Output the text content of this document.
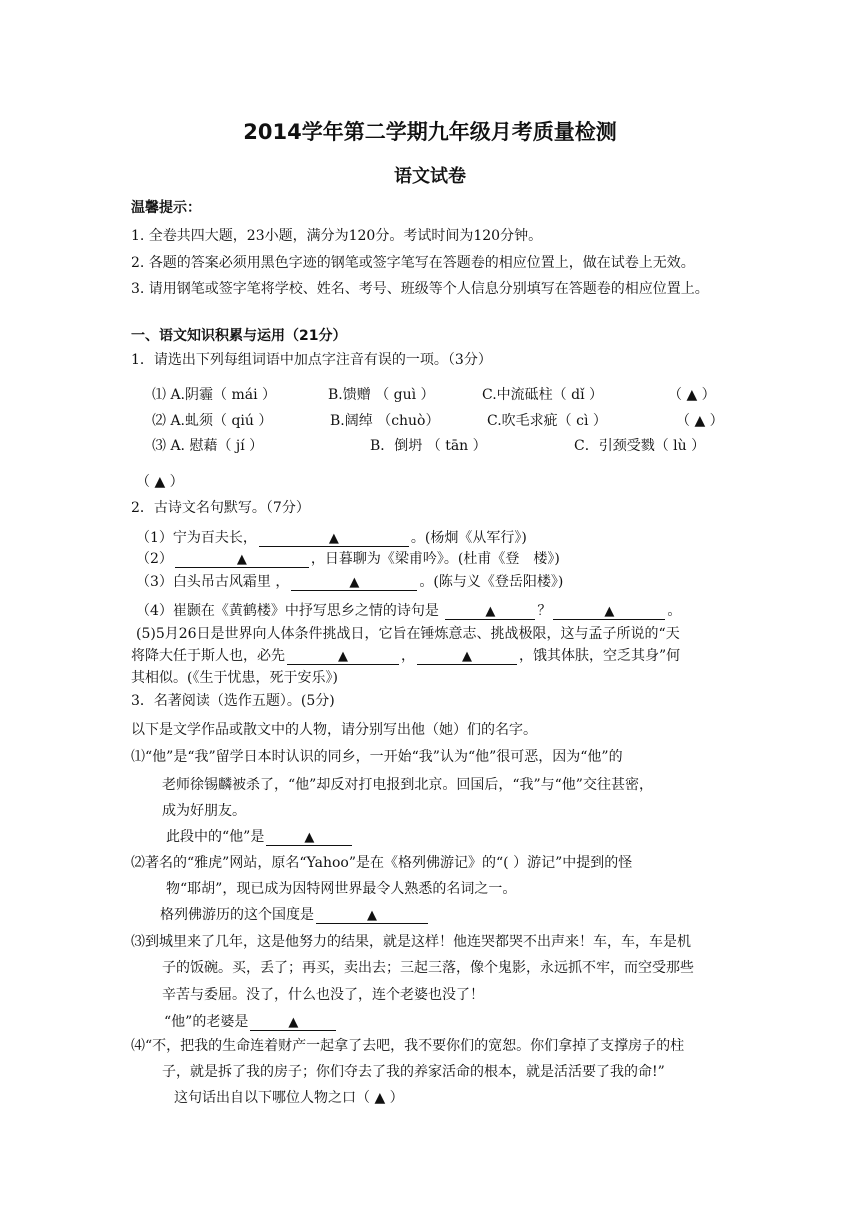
2014学年第二学期九年级月考质量检测
语文试卷
温馨提示：
1. 全卷共四大题，23小题，满分为120分。考试时间为120分钟。
2. 各题的答案必须用黑色字迹的钢笔或签字笔写在答题卷的相应位置上，做在试卷上无效。
3. 请用钢笔或签字笔将学校、姓名、考号、班级等个人信息分别填写在答题卷的相应位置上。
一、语文知识积累与运用（21分）
1．请选出下列每组词语中加点字注音有误的一项。（3分）
⑴ A.阴霾（ mái ）	B.馈赠 （ guì ）	C.中流砥柱（ dǐ ）	（ ▲ ）
⑵ A.虬须（ qiú ）	B.阔绰 （chuò）	C.吹毛求疵（ cì ）	（ ▲ ）
⑶ A. 慰藉（ jí ）	B．倒坍 （ tān ）	C．引颈受戮（ lù ）
（ ▲ ）
2．古诗文名句默写。（7分）
（1）宁为百夫长，	▲	。(杨炯《从军行》)
（2）	▲	，日暮聊为《梁甫吟》。(杜甫《登　楼》)
（3）白头吊古风霜里 ，	▲	。(陈与义《登岳阳楼》)
（4）崔颢在《黄鹤楼》中抒写思乡之情的诗句是	▲	？	▲	。
(5)5月26日是世界向人体条件挑战日，它旨在锤炼意志、挑战极限，这与孟子所说的“天
将降大任于斯人也，必先	▲	，	▲	，饿其体肤，空乏其身”何
其相似。(《生于忧患，死于安乐》)
3．名著阅读（选作五题）。(5分)
以下是文学作品或散文中的人物，请分别写出他（她）们的名字。
⑴“他”是“我”留学日本时认识的同乡，一开始“我”认为“他”很可恶，因为“他”的
老师徐锡麟被杀了，“他”却反对打电报到北京。回国后，“我”与“他”交往甚密，
成为好朋友。
此段中的“他”是	▲
⑵著名的“雅虎”网站，原名“Yahoo”是在《格列佛游记》的“( ）游记”中提到的怪
物“耶胡”，现已成为因特网世界最令人熟悉的名词之一。
格列佛游历的这个国度是	▲
⑶到城里来了几年，这是他努力的结果，就是这样！他连哭都哭不出声来！车，车，车是机
子的饭碗。买，丢了；再买，卖出去；三起三落，像个鬼影，永远抓不牢，而空受那些
辛苦与委屈。没了，什么也没了，连个老婆也没了！
“他”的老婆是	▲
⑷“不，把我的生命连着财产一起拿了去吧，我不要你们的宽恕。你们拿掉了支撑房子的柱
子，就是拆了我的房子；你们夺去了我的养家活命的根本，就是活活要了我的命!”
这句话出自以下哪位人物之口（ ▲ ）
